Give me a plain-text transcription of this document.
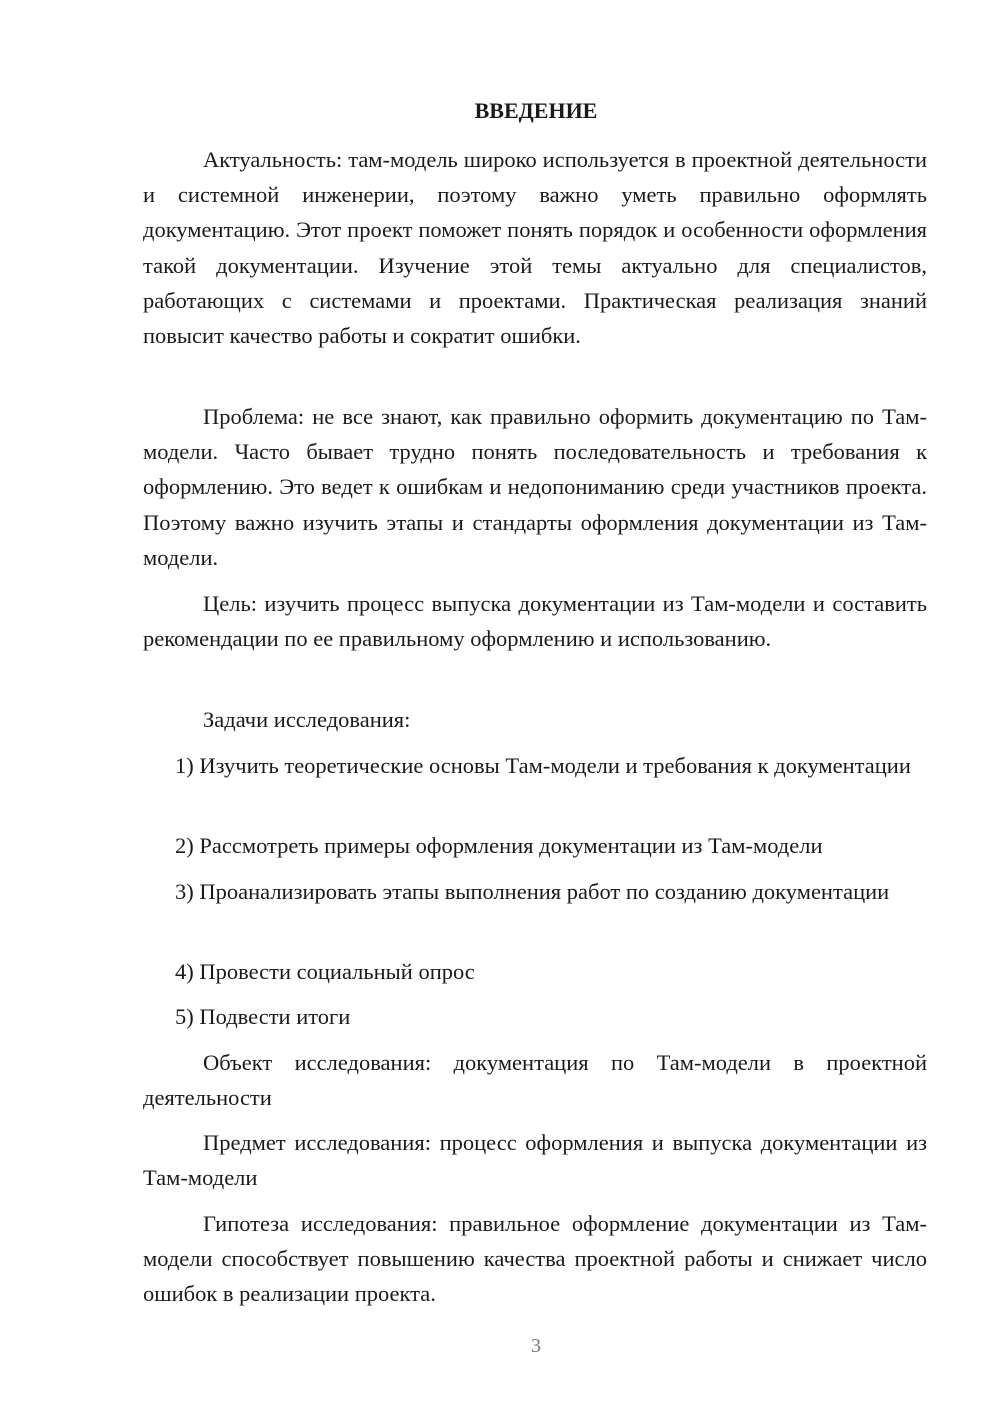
ВВЕДЕНИЕ

Актуальность: там-модель широко используется в проектной деятельности и системной инженерии, поэтому важно уметь правильно оформлять документацию. Этот проект поможет понять порядок и особенности оформления такой документации. Изучение этой темы актуально для специалистов, работающих с системами и проектами. Практическая реализация знаний повысит качество работы и сократит ошибки.

Проблема: не все знают, как правильно оформить документацию по Там-модели. Часто бывает трудно понять последовательность и требования к оформлению. Это ведет к ошибкам и недопониманию среди участников проекта. Поэтому важно изучить этапы и стандарты оформления документации из Там-модели.

Цель: изучить процесс выпуска документации из Там-модели и составить рекомендации по ее правильному оформлению и использованию.

Задачи исследования:

1) Изучить теоретические основы Там-модели и требования к документации

2) Рассмотреть примеры оформления документации из Там-модели

3) Проанализировать этапы выполнения работ по созданию документации

4) Провести социальный опрос

5) Подвести итоги

Объект исследования: документация по Там-модели в проектной деятельности

Предмет исследования: процесс оформления и выпуска документации из Там-модели

Гипотеза исследования: правильное оформление документации из Там-модели способствует повышению качества проектной работы и снижает число ошибок в реализации проекта.

3
